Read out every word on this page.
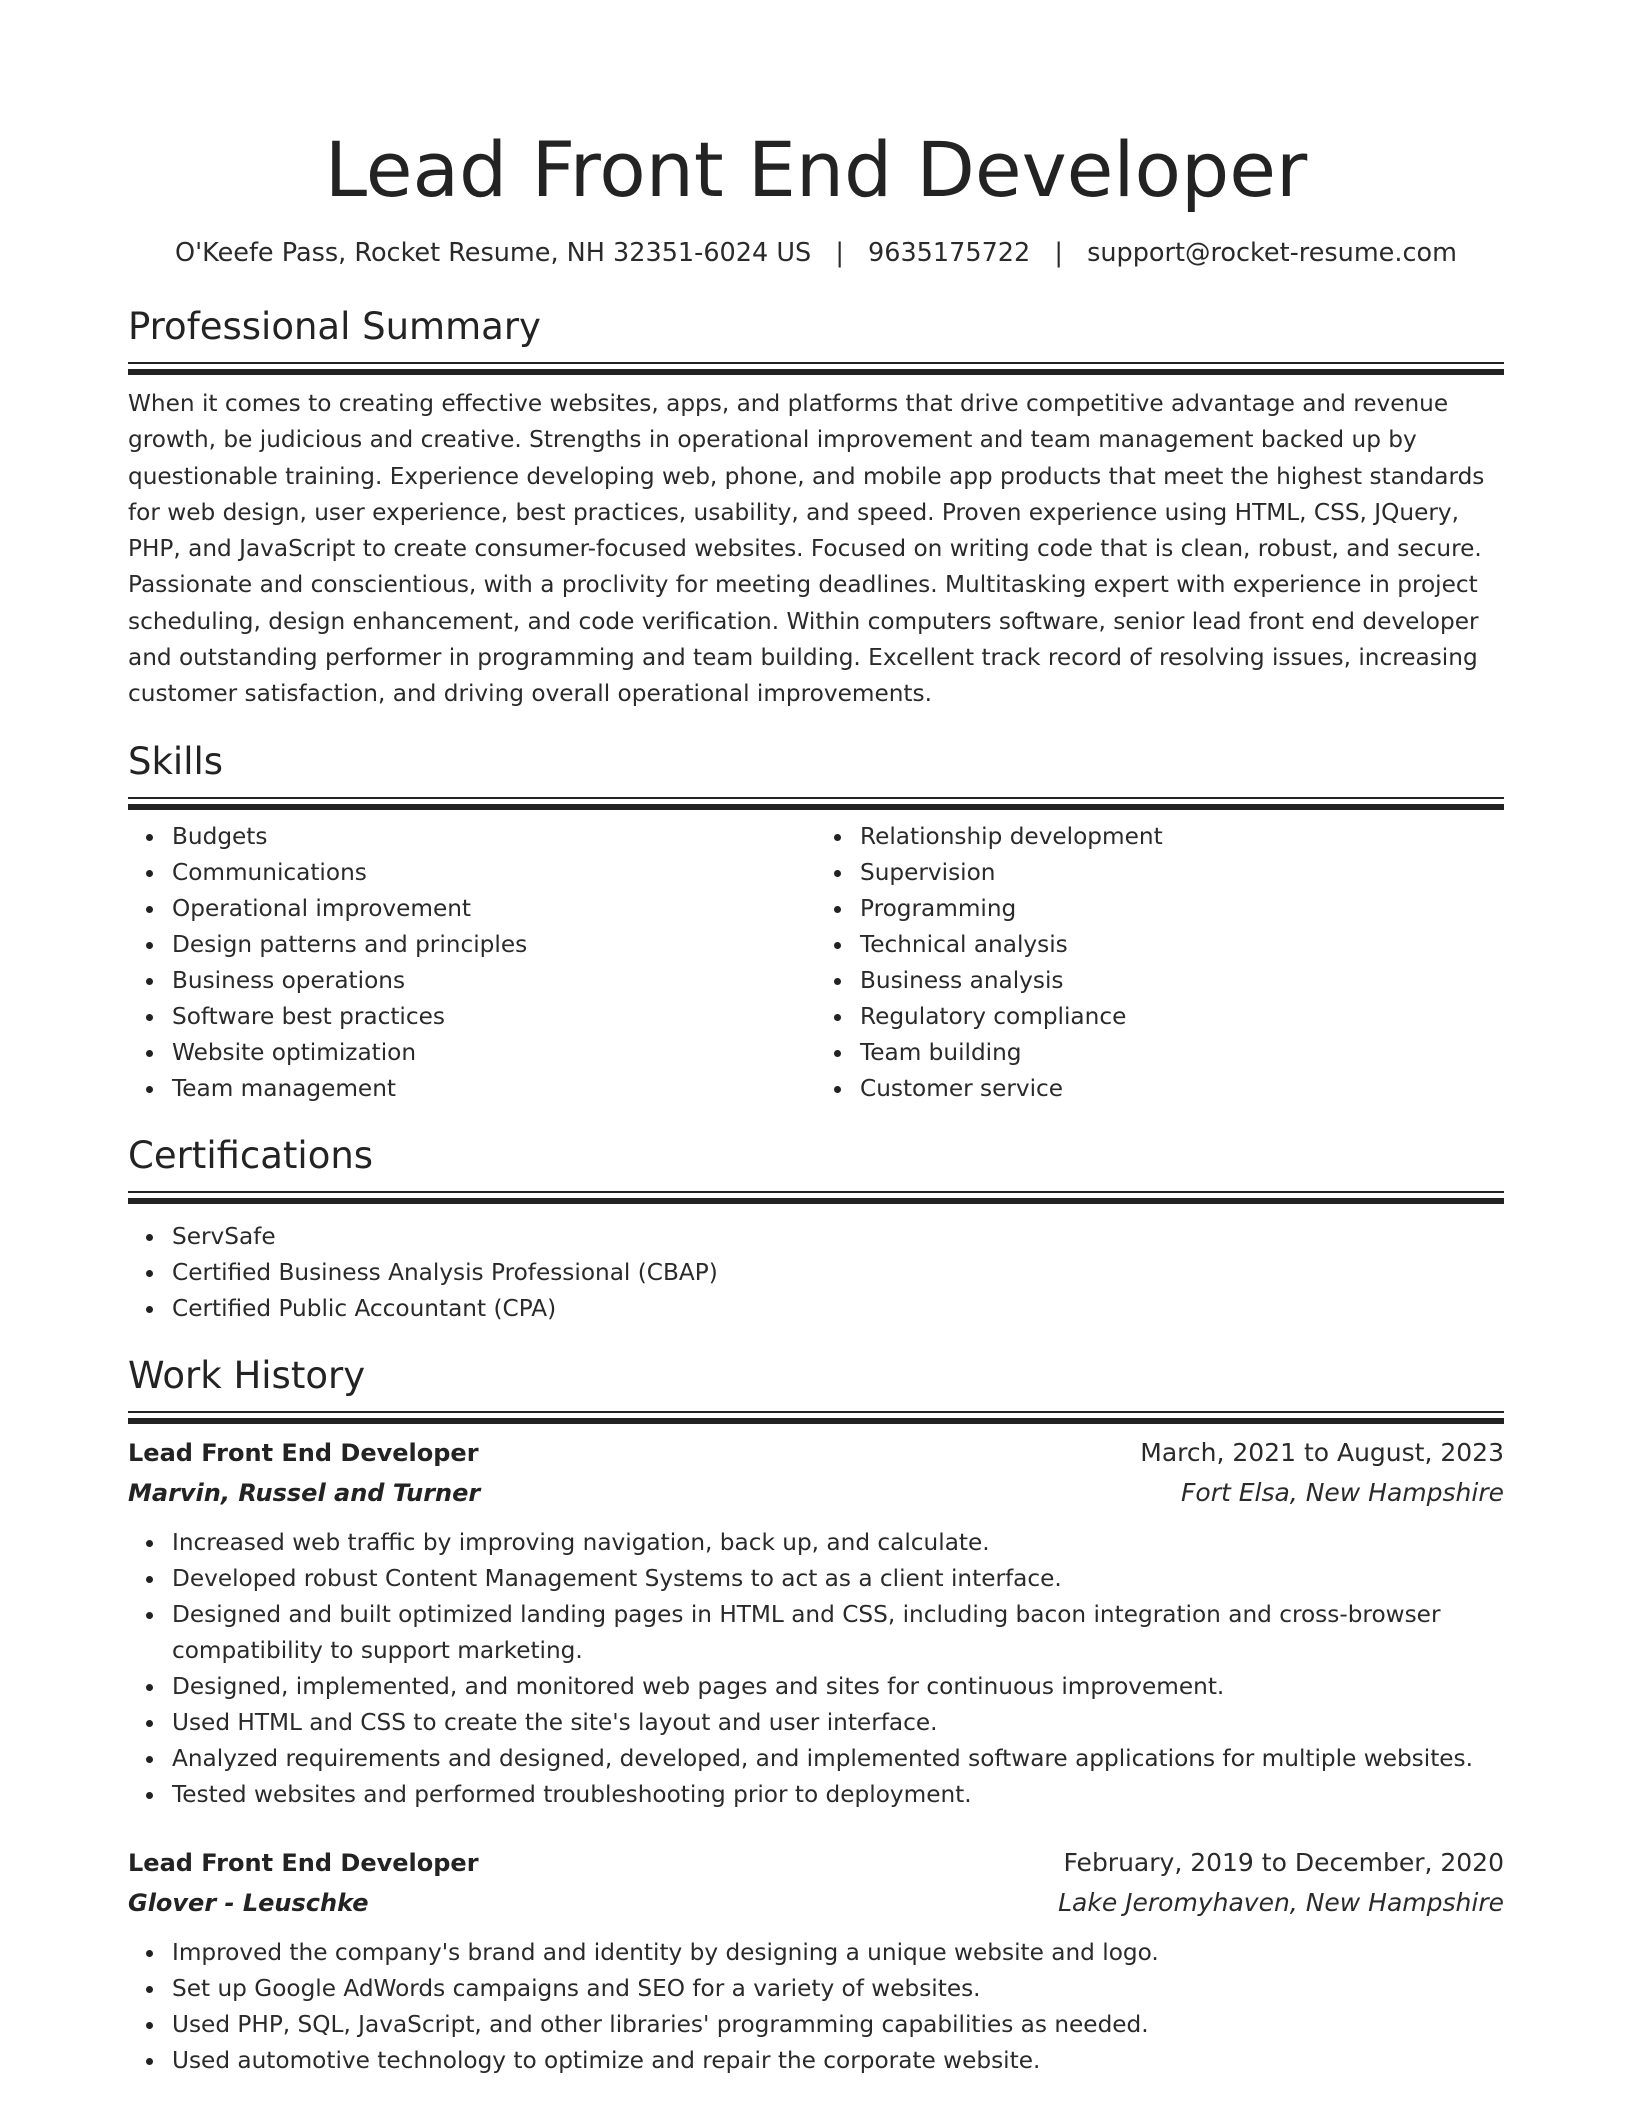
Lead Front End Developer
O'Keefe Pass, Rocket Resume, NH 32351-6024 US | 9635175722 | support@rocket-resume.com
Professional Summary

When it comes to creating effective websites, apps, and platforms that drive competitive advantage and revenue growth, be judicious and creative. Strengths in operational improvement and team management backed up by questionable training. Experience developing web, phone, and mobile app products that meet the highest standards for web design, user experience, best practices, usability, and speed. Proven experience using HTML, CSS, JQuery, PHP, and JavaScript to create consumer-focused websites. Focused on writing code that is clean, robust, and secure. Passionate and conscientious, with a proclivity for meeting deadlines. Multitasking expert with experience in project scheduling, design enhancement, and code verification. Within computers software, senior lead front end developer and outstanding performer in programming and team building. Excellent track record of resolving issues, increasing customer satisfaction, and driving overall operational improvements.

Skills
Budgets
Communications
Operational improvement
Design patterns and principles
Business operations
Software best practices
Website optimization
Team management
Relationship development
Supervision
Programming
Technical analysis
Business analysis
Regulatory compliance
Team building
Customer service
Certifications
ServSafe
Certified Business Analysis Professional (CBAP)
Certified Public Accountant (CPA)
Work History
Lead Front End Developer	March, 2021 to August, 2023
Marvin, Russel and Turner	Fort Elsa, New Hampshire
Increased web traffic by improving navigation, back up, and calculate.
Developed robust Content Management Systems to act as a client interface.
Designed and built optimized landing pages in HTML and CSS, including bacon integration and cross-browser compatibility to support marketing.
Designed, implemented, and monitored web pages and sites for continuous improvement.
Used HTML and CSS to create the site's layout and user interface.
Analyzed requirements and designed, developed, and implemented software applications for multiple websites.
Tested websites and performed troubleshooting prior to deployment.
Lead Front End Developer	February, 2019 to December, 2020
Glover - Leuschke	Lake Jeromyhaven, New Hampshire
Improved the company's brand and identity by designing a unique website and logo.
Set up Google AdWords campaigns and SEO for a variety of websites.
Used PHP, SQL, JavaScript, and other libraries' programming capabilities as needed.
Used automotive technology to optimize and repair the corporate website.
